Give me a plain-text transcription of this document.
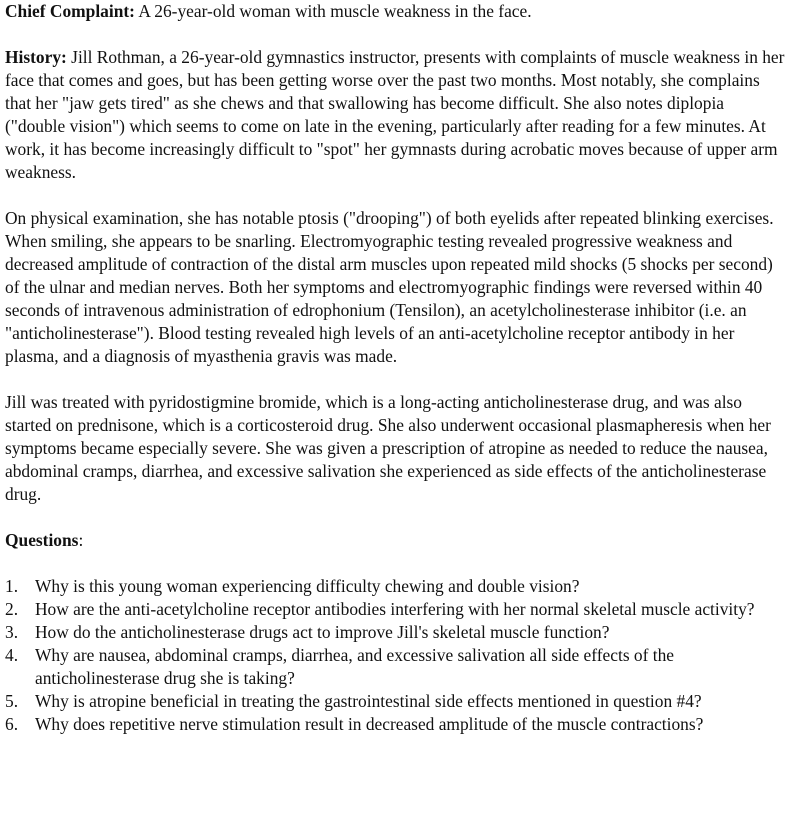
Chief Complaint: A 26-year-old woman with muscle weakness in the face.

History: Jill Rothman, a 26-year-old gymnastics instructor, presents with complaints of muscle weakness in her face that comes and goes, but has been getting worse over the past two months. Most notably, she complains that her "jaw gets tired" as she chews and that swallowing has become difficult. She also notes diplopia ("double vision") which seems to come on late in the evening, particularly after reading for a few minutes. At work, it has become increasingly difficult to "spot" her gymnasts during acrobatic moves because of upper arm weakness.

On physical examination, she has notable ptosis ("drooping") of both eyelids after repeated blinking exercises. When smiling, she appears to be snarling. Electromyographic testing revealed progressive weakness and decreased amplitude of contraction of the distal arm muscles upon repeated mild shocks (5 shocks per second) of the ulnar and median nerves. Both her symptoms and electromyographic findings were reversed within 40 seconds of intravenous administration of edrophonium (Tensilon), an acetylcholinesterase inhibitor (i.e. an "anticholinesterase"). Blood testing revealed high levels of an anti-acetylcholine receptor antibody in her plasma, and a diagnosis of myasthenia gravis was made.

Jill was treated with pyridostigmine bromide, which is a long-acting anticholinesterase drug, and was also started on prednisone, which is a corticosteroid drug. She also underwent occasional plasmapheresis when her symptoms became especially severe. She was given a prescription of atropine as needed to reduce the nausea, abdominal cramps, diarrhea, and excessive salivation she experienced as side effects of the anticholinesterase drug.

Questions:

1. Why is this young woman experiencing difficulty chewing and double vision?
2. How are the anti-acetylcholine receptor antibodies interfering with her normal skeletal muscle activity?
3. How do the anticholinesterase drugs act to improve Jill's skeletal muscle function?
4. Why are nausea, abdominal cramps, diarrhea, and excessive salivation all side effects of the anticholinesterase drug she is taking?
5. Why is atropine beneficial in treating the gastrointestinal side effects mentioned in question #4?
6. Why does repetitive nerve stimulation result in decreased amplitude of the muscle contractions?
